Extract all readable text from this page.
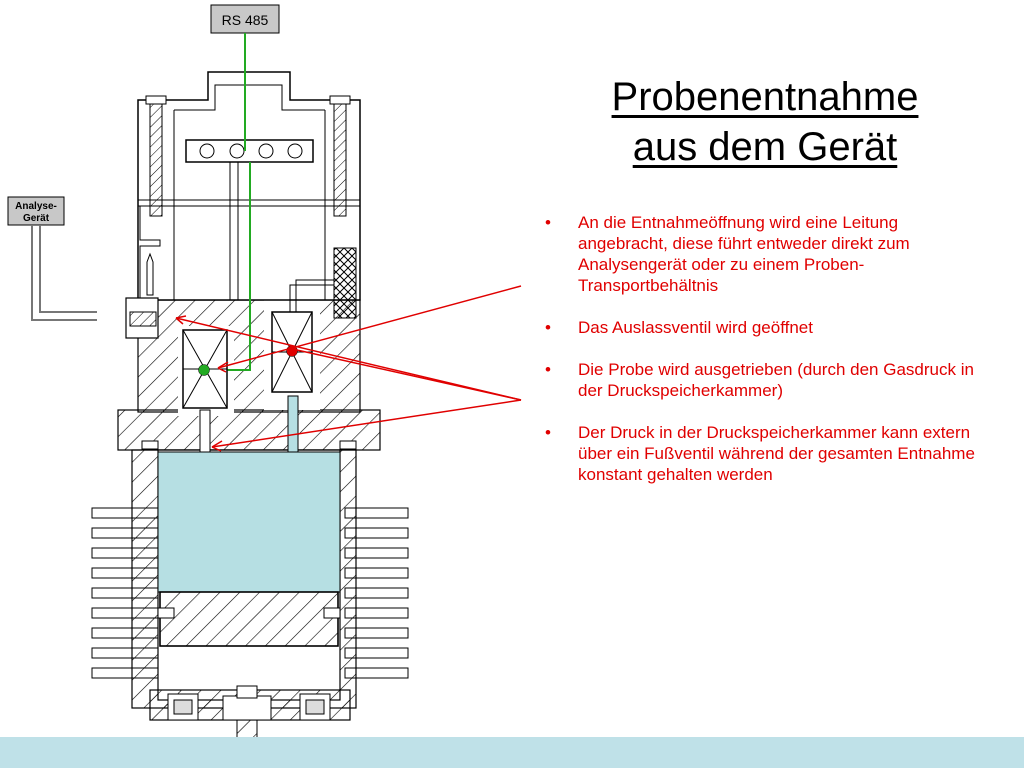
RS 485
Analyse-
Gerät
Probenentnahme
aus dem Gerät
• An die Entnahmeöffnung wird eine Leitung angebracht, diese führt entweder direkt zum Analysengerät oder zu einem Proben-Transportbehältnis
• Das Auslassventil wird geöffnet
• Die Probe wird ausgetrieben (durch den Gasdruck in der Druckspeicherkammer)
• Der Druck in der Druckspeicherkammer kann extern über ein Fußventil während der gesamten Entnahme konstant gehalten werden
